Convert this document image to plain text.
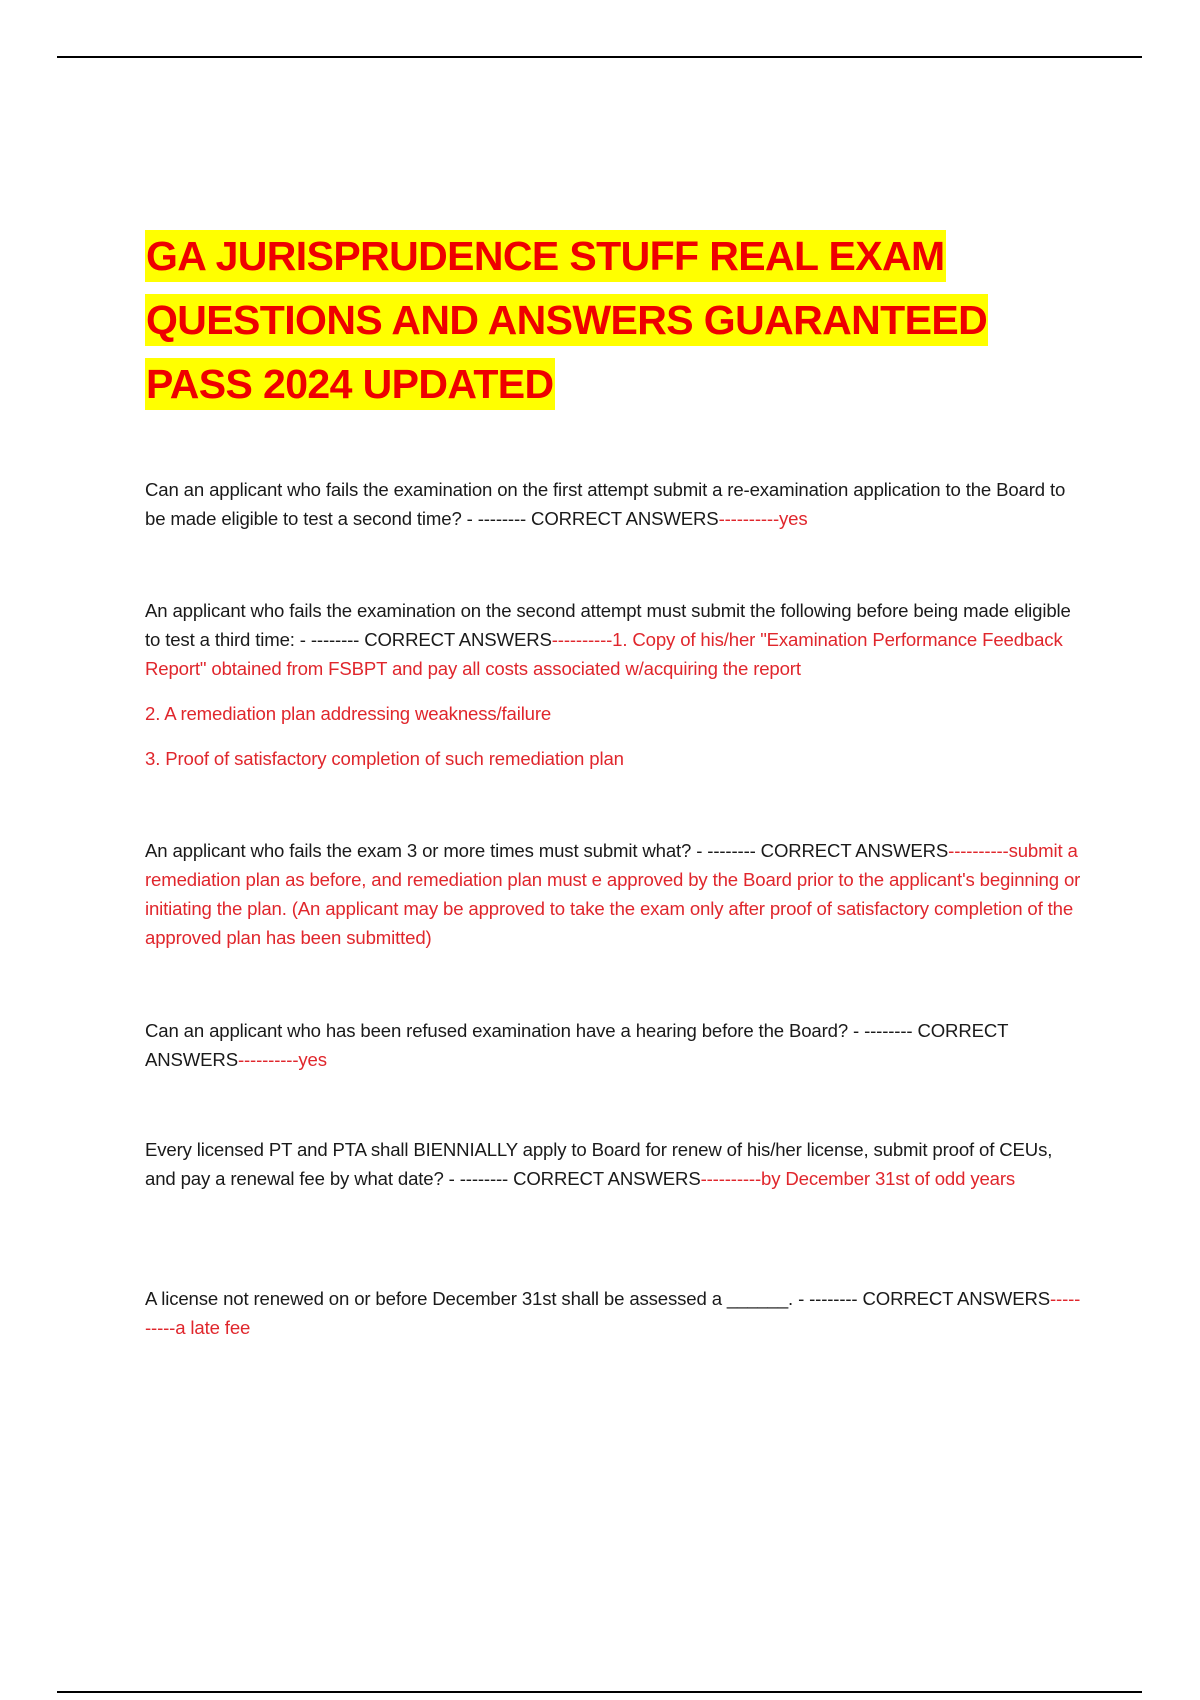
GA JURISPRUDENCE STUFF REAL EXAM
QUESTIONS AND ANSWERS GUARANTEED
PASS 2024 UPDATED

Can an applicant who fails the examination on the first attempt submit a re-examination application to the Board to be made eligible to test a second time? - -------- CORRECT ANSWERS----------yes

An applicant who fails the examination on the second attempt must submit the following before being made eligible to test a third time: - -------- CORRECT ANSWERS----------1. Copy of his/her "Examination Performance Feedback Report" obtained from FSBPT and pay all costs associated w/acquiring the report

2. A remediation plan addressing weakness/failure

3. Proof of satisfactory completion of such remediation plan

An applicant who fails the exam 3 or more times must submit what? - -------- CORRECT ANSWERS----------submit a remediation plan as before, and remediation plan must e approved by the Board prior to the applicant's beginning or initiating the plan. (An applicant may be approved to take the exam only after proof of satisfactory completion of the approved plan has been submitted)

Can an applicant who has been refused examination have a hearing before the Board? - -------- CORRECT ANSWERS----------yes

Every licensed PT and PTA shall BIENNIALLY apply to Board for renew of his/her license, submit proof of CEUs, and pay a renewal fee by what date? - -------- CORRECT ANSWERS----------by December 31st of odd years

A license not renewed on or before December 31st shall be assessed a ______. - -------- CORRECT ANSWERS----------a late fee
